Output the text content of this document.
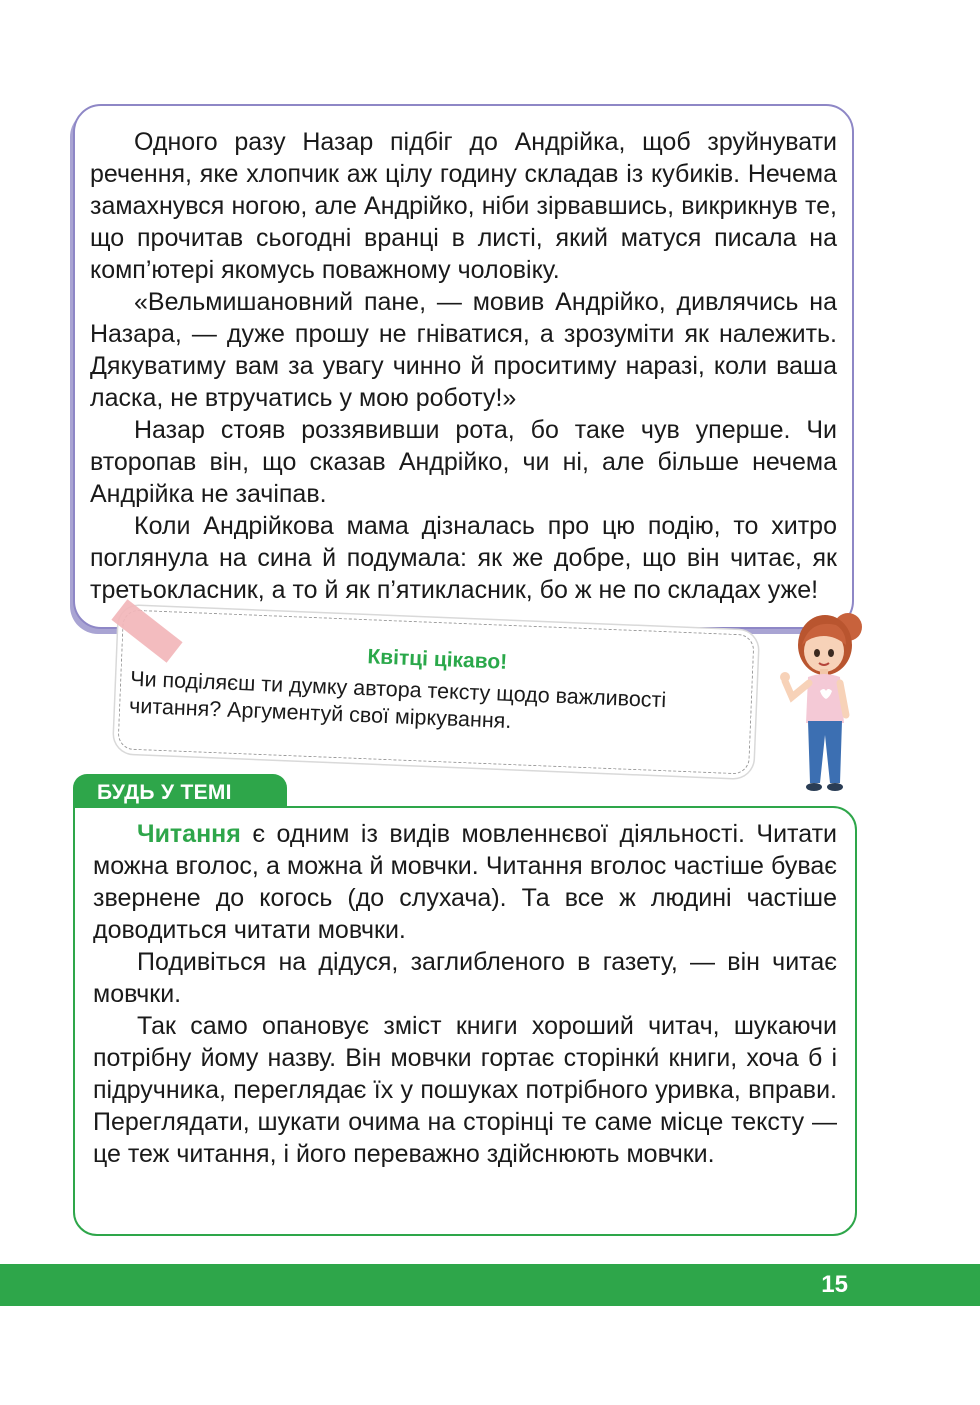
Одного разу Назар підбіг до Андрійка, щоб зруйнувати речення, яке хлопчик аж цілу годину складав із кубиків. Нечема замахнувся ногою, але Андрійко, ніби зірвавшись, викрикнув те, що прочитав сьогодні вранці в листі, який матуся писала на комп’ютері якомусь поважному чоловіку.

«Вельмишановний пане, — мовив Андрійко, дивлячись на Назара, — дуже прошу не гніватися, а зрозуміти як належить. Дякуватиму вам за увагу чинно й проситиму наразі, коли ваша ласка, не втручатись у мою роботу!»

Назар стояв роззявивши рота, бо таке чув уперше. Чи второпав він, що сказав Андрійко, чи ні, але більше нечема Андрійка не зачіпав.

Коли Андрійкова мама дізналась про цю подію, то хитро поглянула на сина й подумала: як же добре, що він читає, як третьокласник, а то й як п’ятикласник, бо ж не по складах уже!

Квітці цікаво!
Чи поділяєш ти думку автора тексту щодо важливості читання? Аргументуй свої міркування.
БУДЬ У ТЕМІ

Читання є одним із видів мовленнєвої діяльності. Читати можна вголос, а можна й мовчки. Читання вголос частіше буває звернене до когось (до слухача). Та все ж людині частіше доводиться читати мовчки.

Подивіться на дідуся, заглибленого в газету, — він читає мовчки.

Так само опановує зміст книги хороший читач, шукаючи потрібну йому назву. Він мовчки гортає сторінки́ книги, хоча б і підручника, переглядає їх у пошуках потрібного уривка, вправи. Переглядати, шукати очима на сторінці те саме місце тексту — це теж читання, і його переважно здійснюють мовчки.

15
